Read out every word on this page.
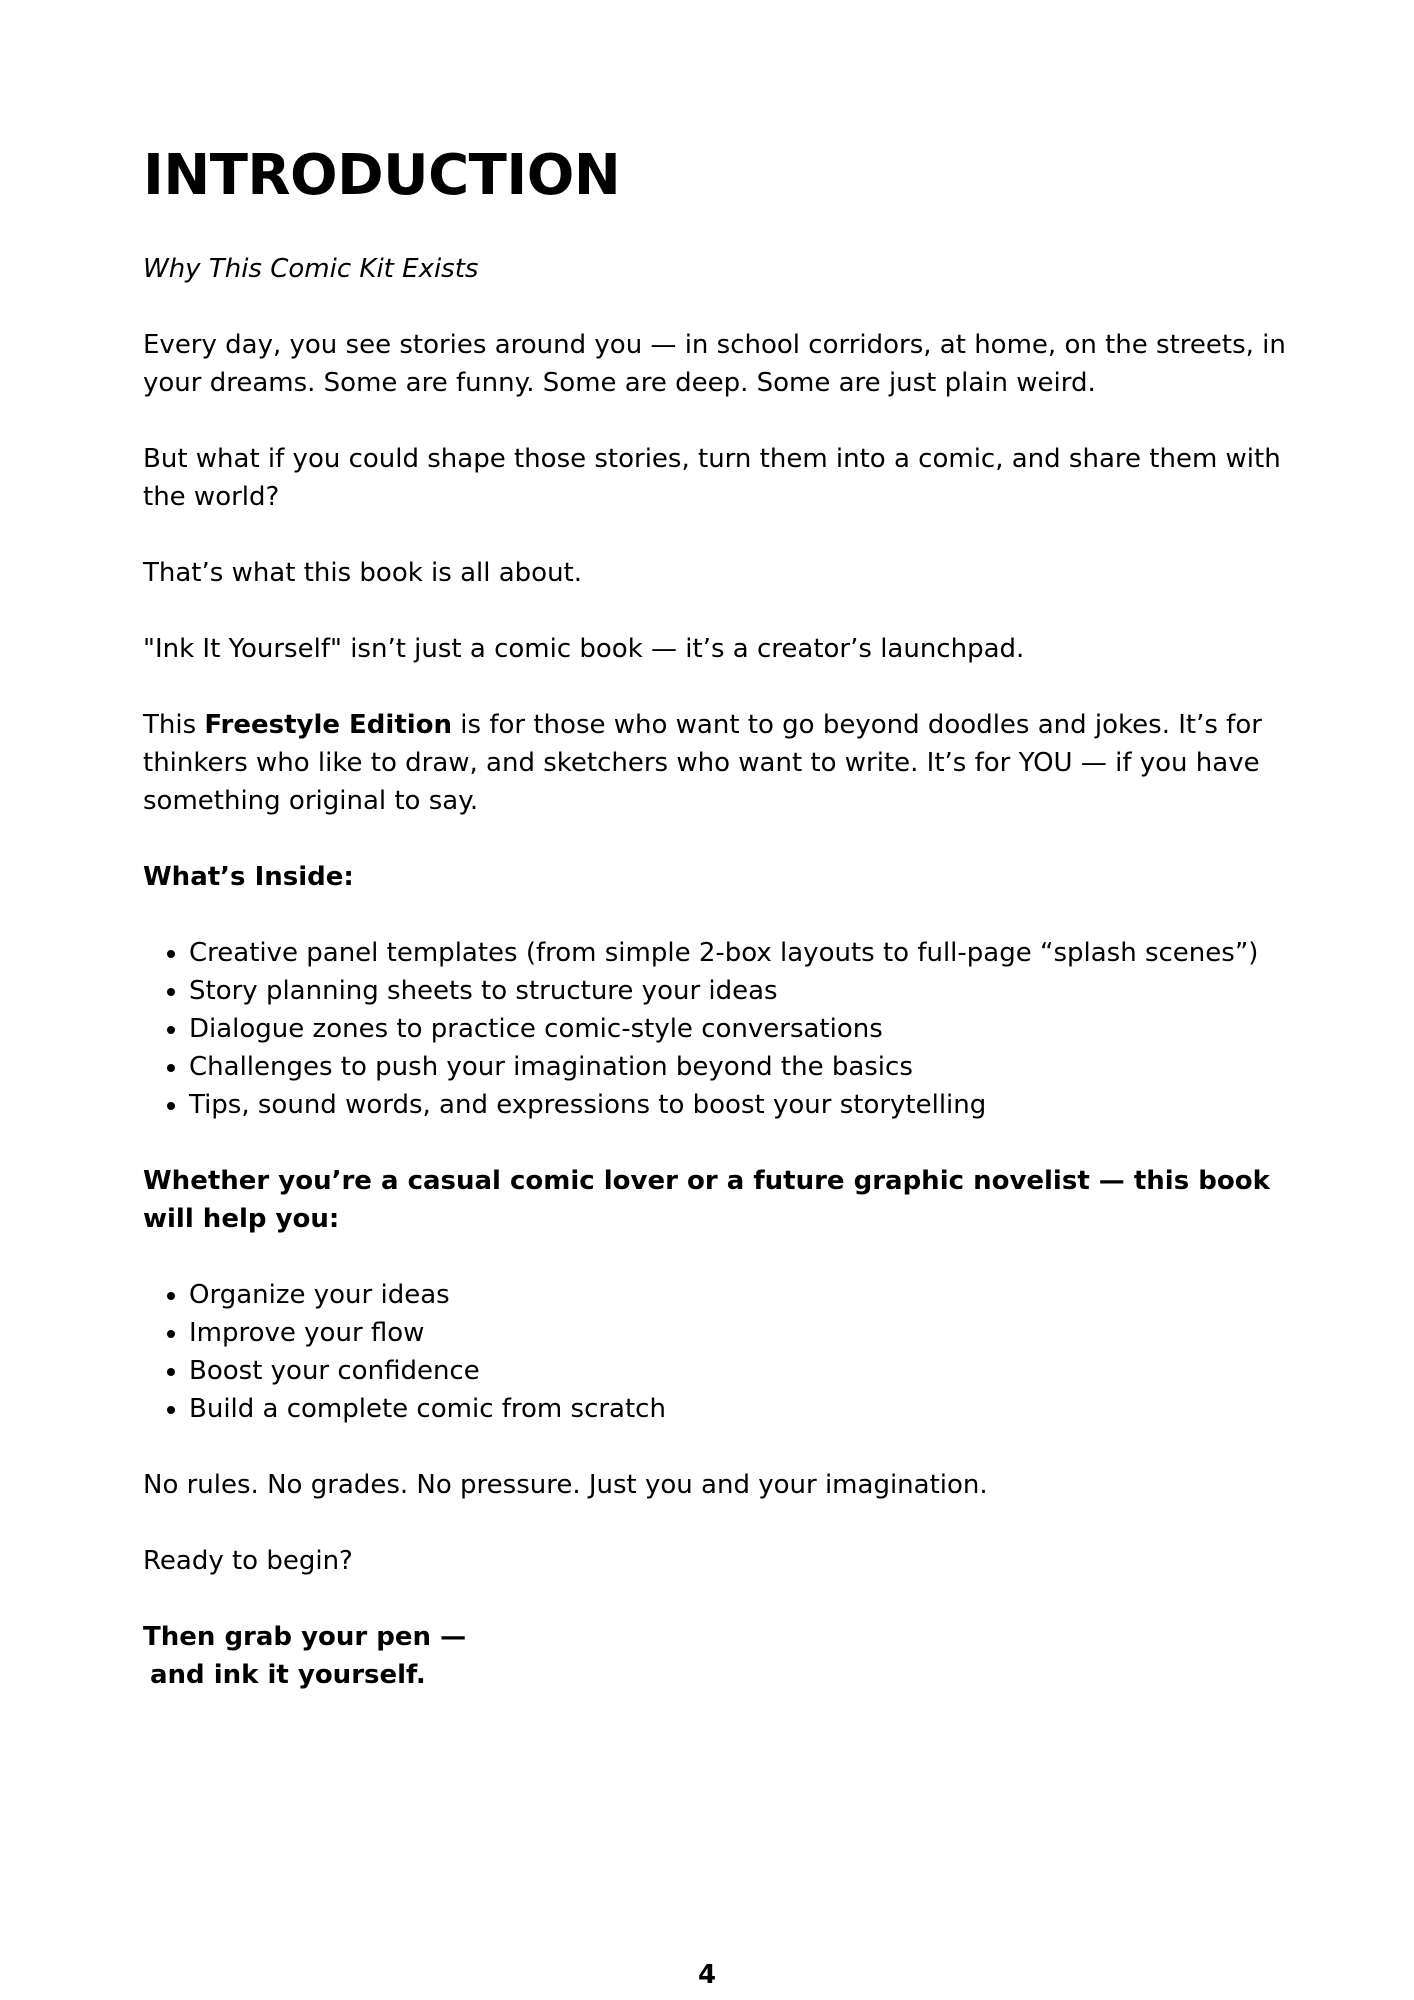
INTRODUCTION

Why This Comic Kit Exists

Every day, you see stories around you — in school corridors, at home, on the streets, in your dreams. Some are funny. Some are deep. Some are just plain weird.

But what if you could shape those stories, turn them into a comic, and share them with the world?

That’s what this book is all about.

"Ink It Yourself" isn’t just a comic book — it’s a creator’s launchpad.

This Freestyle Edition is for those who want to go beyond doodles and jokes. It’s for thinkers who like to draw, and sketchers who want to write. It’s for YOU — if you have something original to say.

What’s Inside:

• Creative panel templates (from simple 2-box layouts to full-page “splash scenes”)
• Story planning sheets to structure your ideas
• Dialogue zones to practice comic-style conversations
• Challenges to push your imagination beyond the basics
• Tips, sound words, and expressions to boost your storytelling

Whether you’re a casual comic lover or a future graphic novelist — this book will help you:

• Organize your ideas
• Improve your flow
• Boost your confidence
• Build a complete comic from scratch

No rules. No grades. No pressure. Just you and your imagination.

Ready to begin?

Then grab your pen —

and ink it yourself.

4
